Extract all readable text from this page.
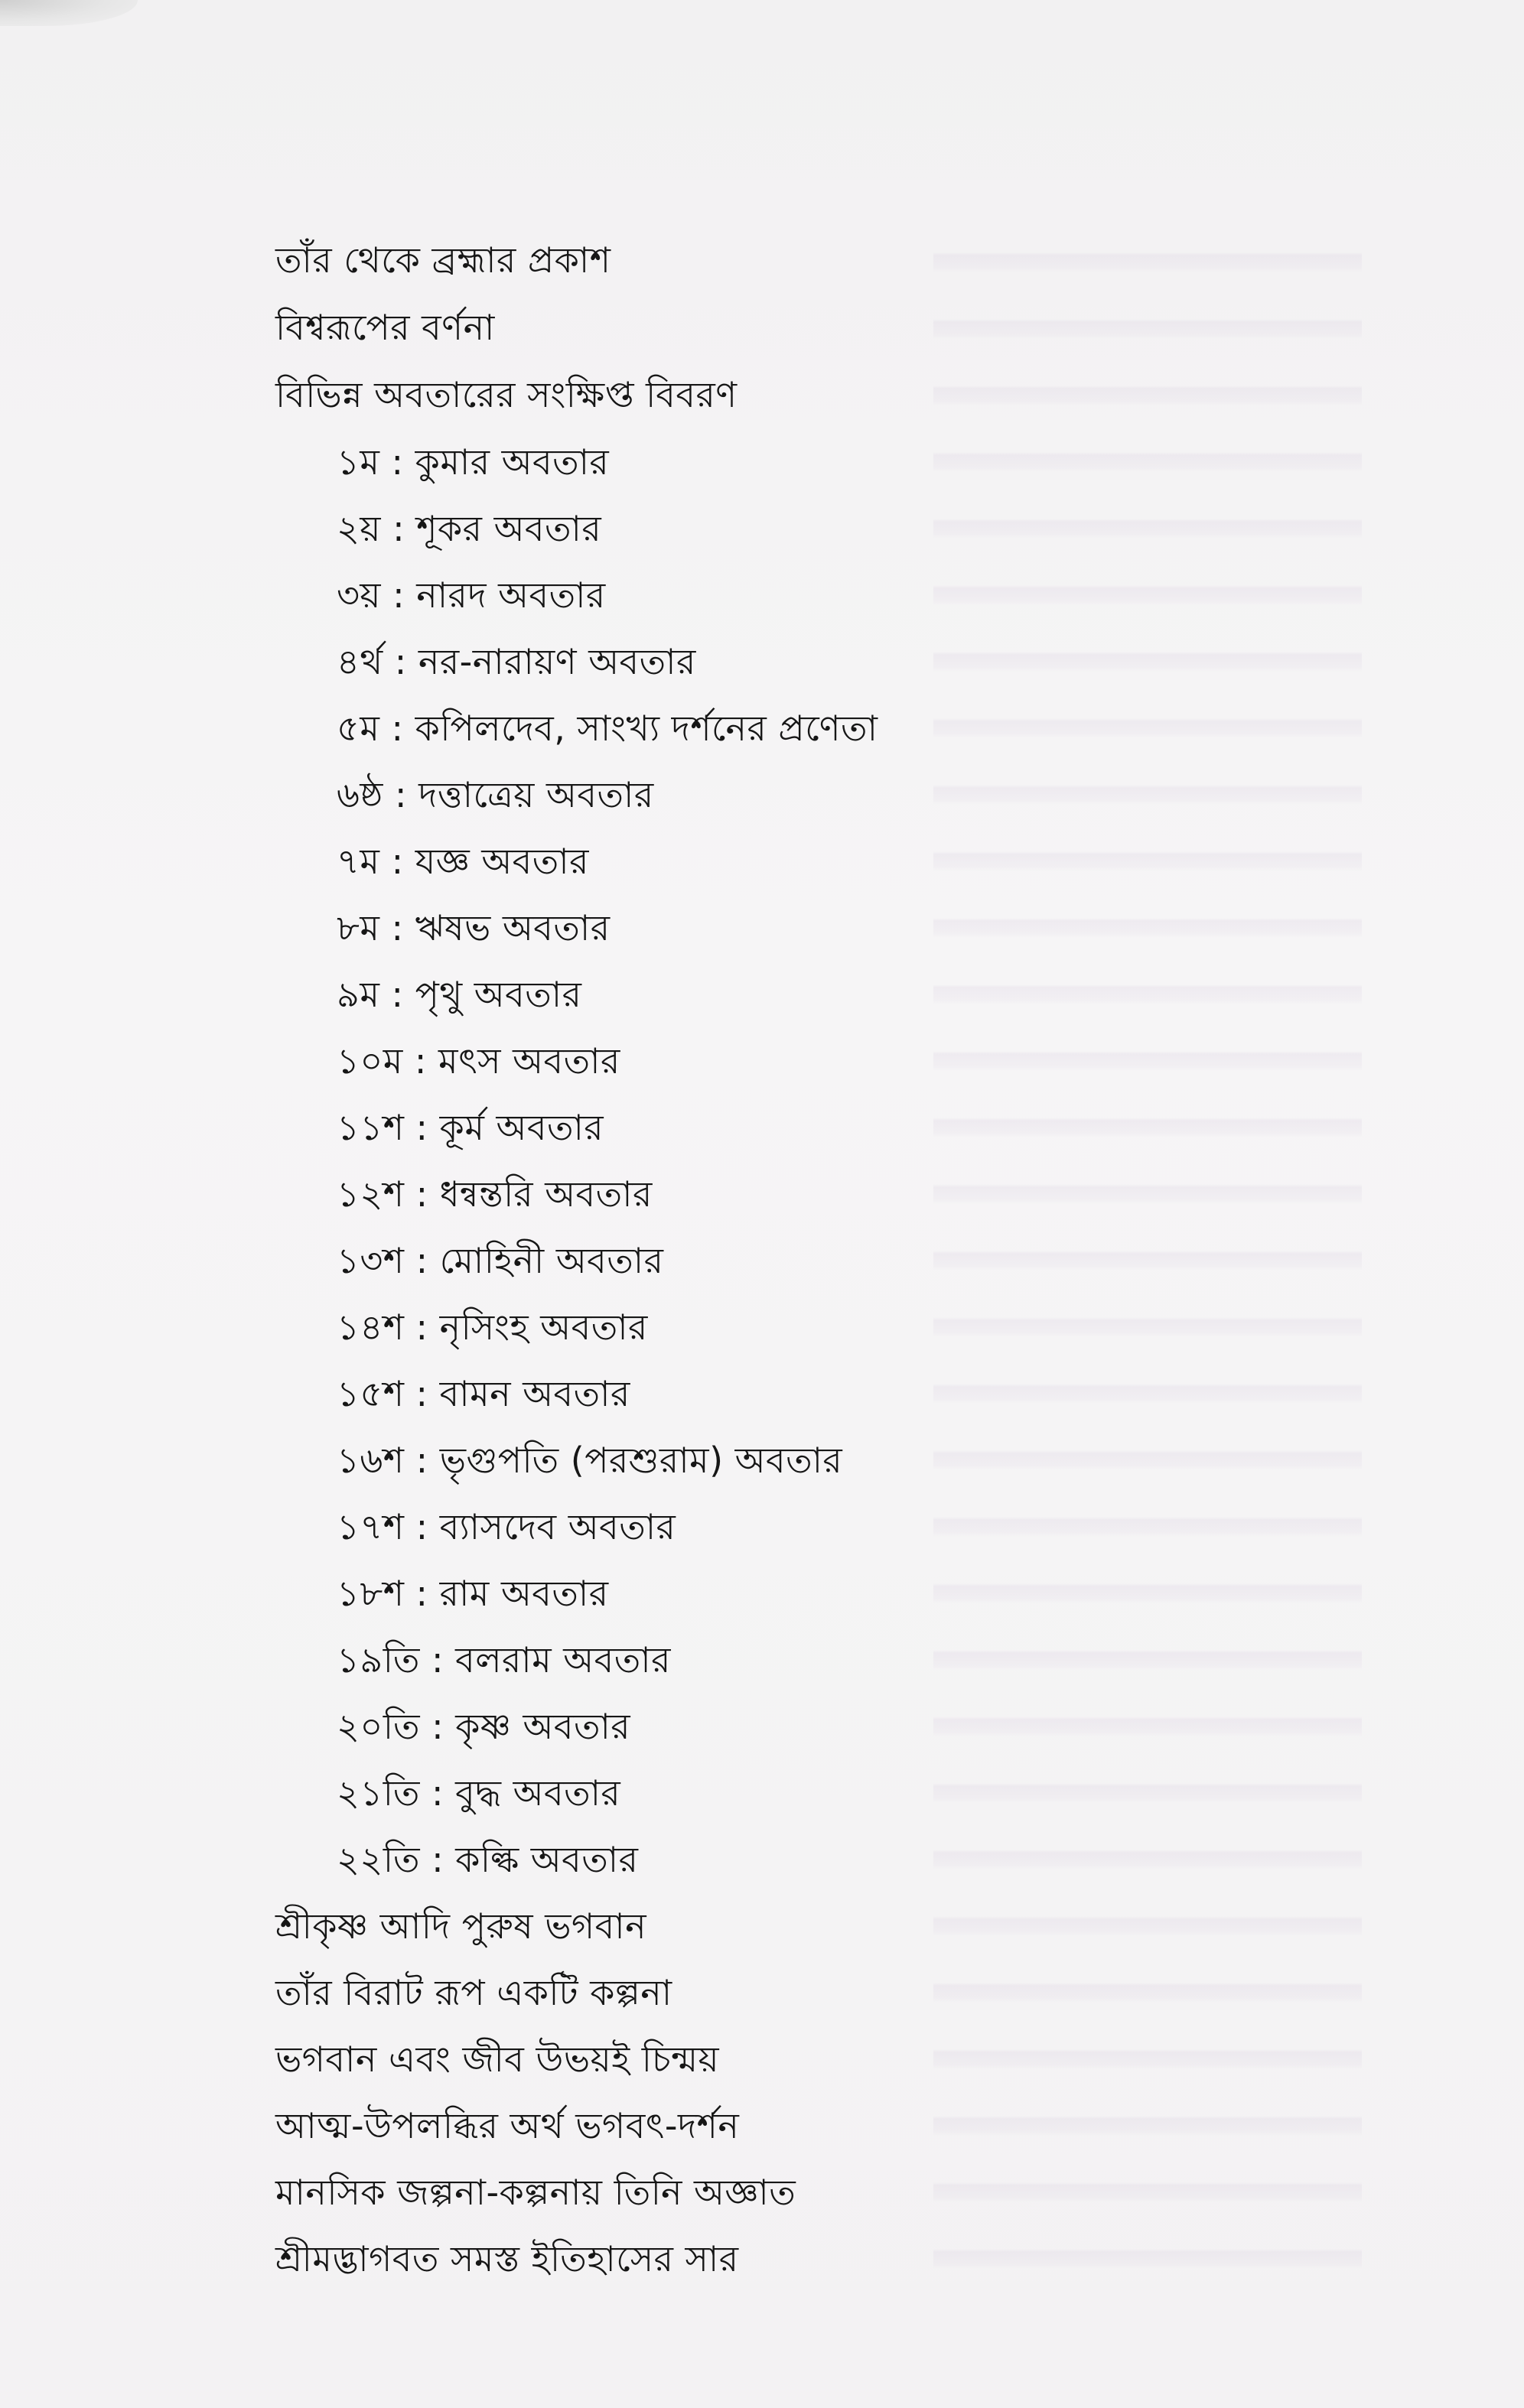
তাঁর থেকে ব্রহ্মার প্রকাশ
বিশ্বরূপের বর্ণনা
বিভিন্ন অবতারের সংক্ষিপ্ত বিবরণ
১ম : কুমার অবতার
২য় : শূকর অবতার
৩য় : নারদ অবতার
৪র্থ : নর-নারায়ণ অবতার
৫ম : কপিলদেব, সাংখ্য দর্শনের প্রণেতা
৬ষ্ঠ : দত্তাত্রেয় অবতার
৭ম : যজ্ঞ অবতার
৮ম : ঋষভ অবতার
৯ম : পৃথু অবতার
১০ম : মৎস অবতার
১১শ : কূর্ম অবতার
১২শ : ধন্বন্তরি অবতার
১৩শ : মোহিনী অবতার
১৪শ : নৃসিংহ অবতার
১৫শ : বামন অবতার
১৬শ : ভৃগুপতি (পরশুরাম) অবতার
১৭শ : ব্যাসদেব অবতার
১৮শ : রাম অবতার
১৯তি : বলরাম অবতার
২০তি : কৃষ্ণ অবতার
২১তি : বুদ্ধ অবতার
২২তি : কল্কি অবতার
শ্রীকৃষ্ণ আদি পুরুষ ভগবান
তাঁর বিরাট রূপ একটি কল্পনা
ভগবান এবং জীব উভয়ই চিন্ময়
আত্ম-উপলব্ধির অর্থ ভগবৎ-দর্শন
মানসিক জল্পনা-কল্পনায় তিনি অজ্ঞাত
শ্রীমদ্ভাগবত সমস্ত ইতিহাসের সার
